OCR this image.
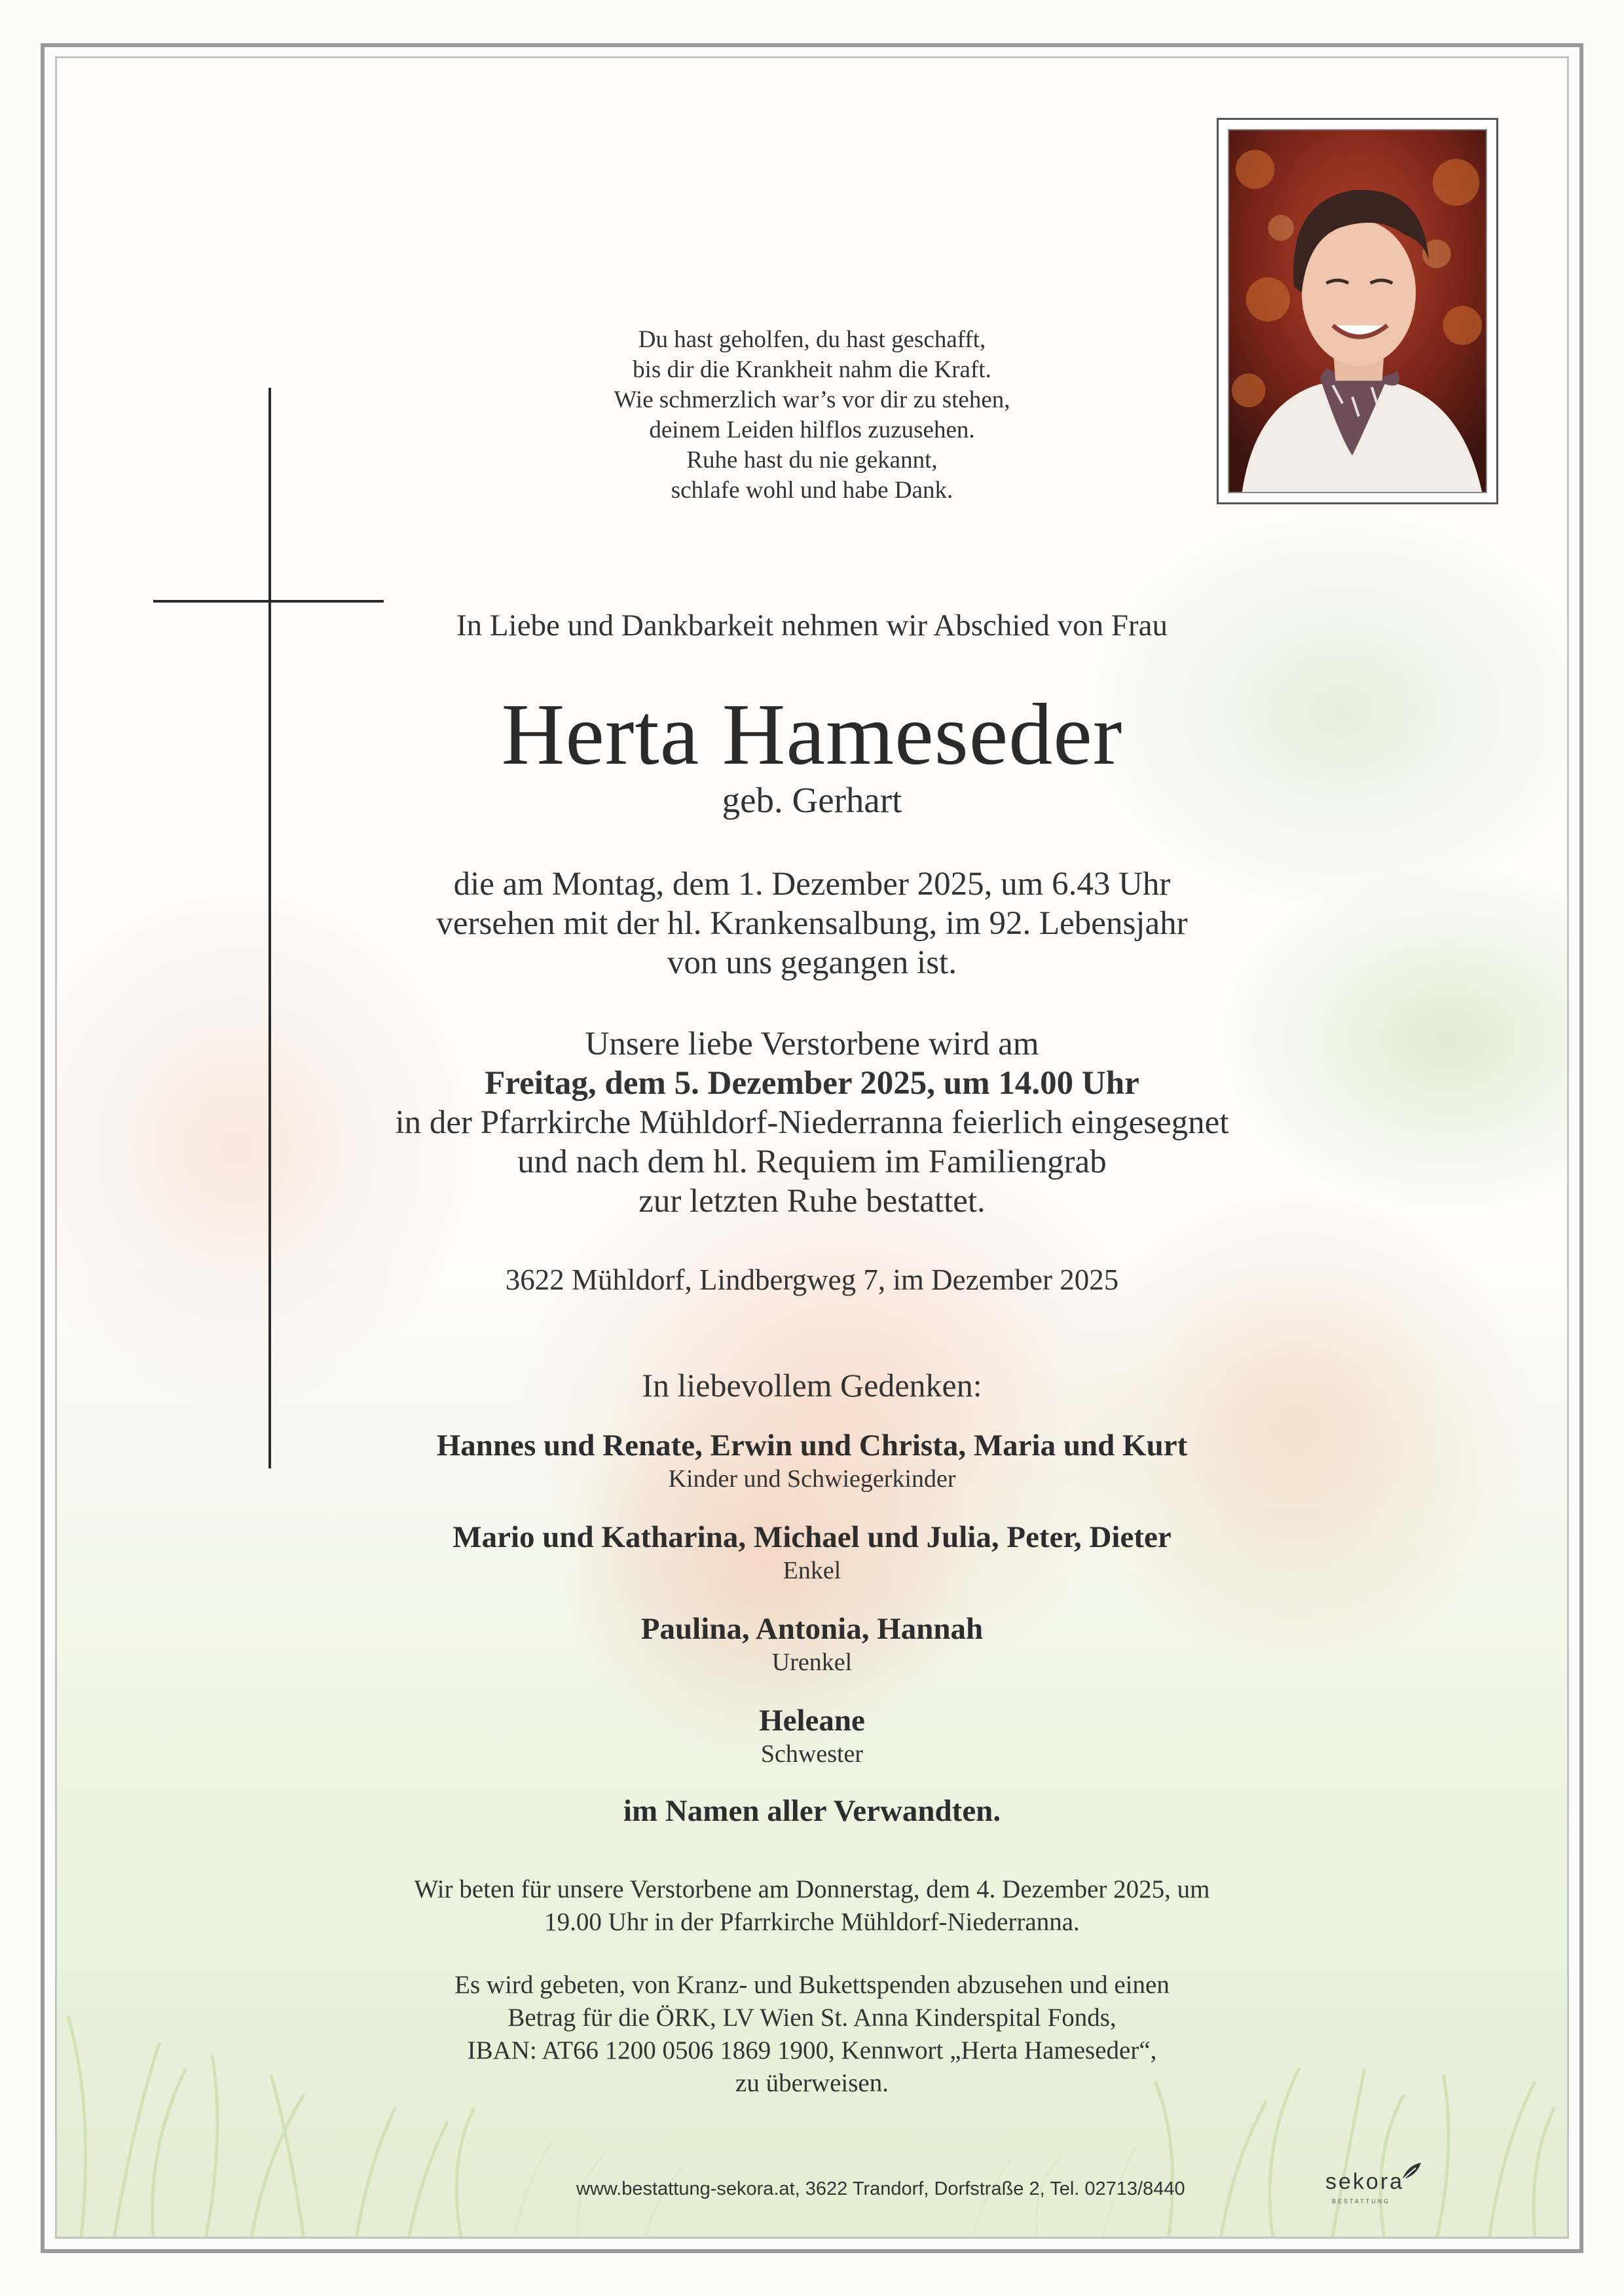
Du hast geholfen, du hast geschafft,
bis dir die Krankheit nahm die Kraft.
Wie schmerzlich war’s vor dir zu stehen,
deinem Leiden hilflos zuzusehen.
Ruhe hast du nie gekannt,
schlafe wohl und habe Dank.
In Liebe und Dankbarkeit nehmen wir Abschied von Frau
Herta Hameseder
geb. Gerhart
die am Montag, dem 1. Dezember 2025, um 6.43 Uhr
versehen mit der hl. Krankensalbung, im 92. Lebensjahr
von uns gegangen ist.
Unsere liebe Verstorbene wird am
Freitag, dem 5. Dezember 2025, um 14.00 Uhr
in der Pfarrkirche Mühldorf-Niederranna feierlich eingesegnet
und nach dem hl. Requiem im Familiengrab
zur letzten Ruhe bestattet.
3622 Mühldorf, Lindbergweg 7, im Dezember 2025
In liebevollem Gedenken:
Hannes und Renate, Erwin und Christa, Maria und Kurt
Kinder und Schwiegerkinder
Mario und Katharina, Michael und Julia, Peter, Dieter
Enkel
Paulina, Antonia, Hannah
Urenkel
Heleane
Schwester
im Namen aller Verwandten.
Wir beten für unsere Verstorbene am Donnerstag, dem 4. Dezember 2025, um
19.00 Uhr in der Pfarrkirche Mühldorf-Niederranna.
Es wird gebeten, von Kranz- und Bukettspenden abzusehen und einen
Betrag für die ÖRK, LV Wien St. Anna Kinderspital Fonds,
IBAN: AT66 1200 0506 1869 1900, Kennwort „Herta Hameseder“,
zu überweisen.
www.bestattung-sekora.at, 3622 Trandorf, Dorfstraße 2, Tel. 02713/8440	sekora
BESTATTUNG
